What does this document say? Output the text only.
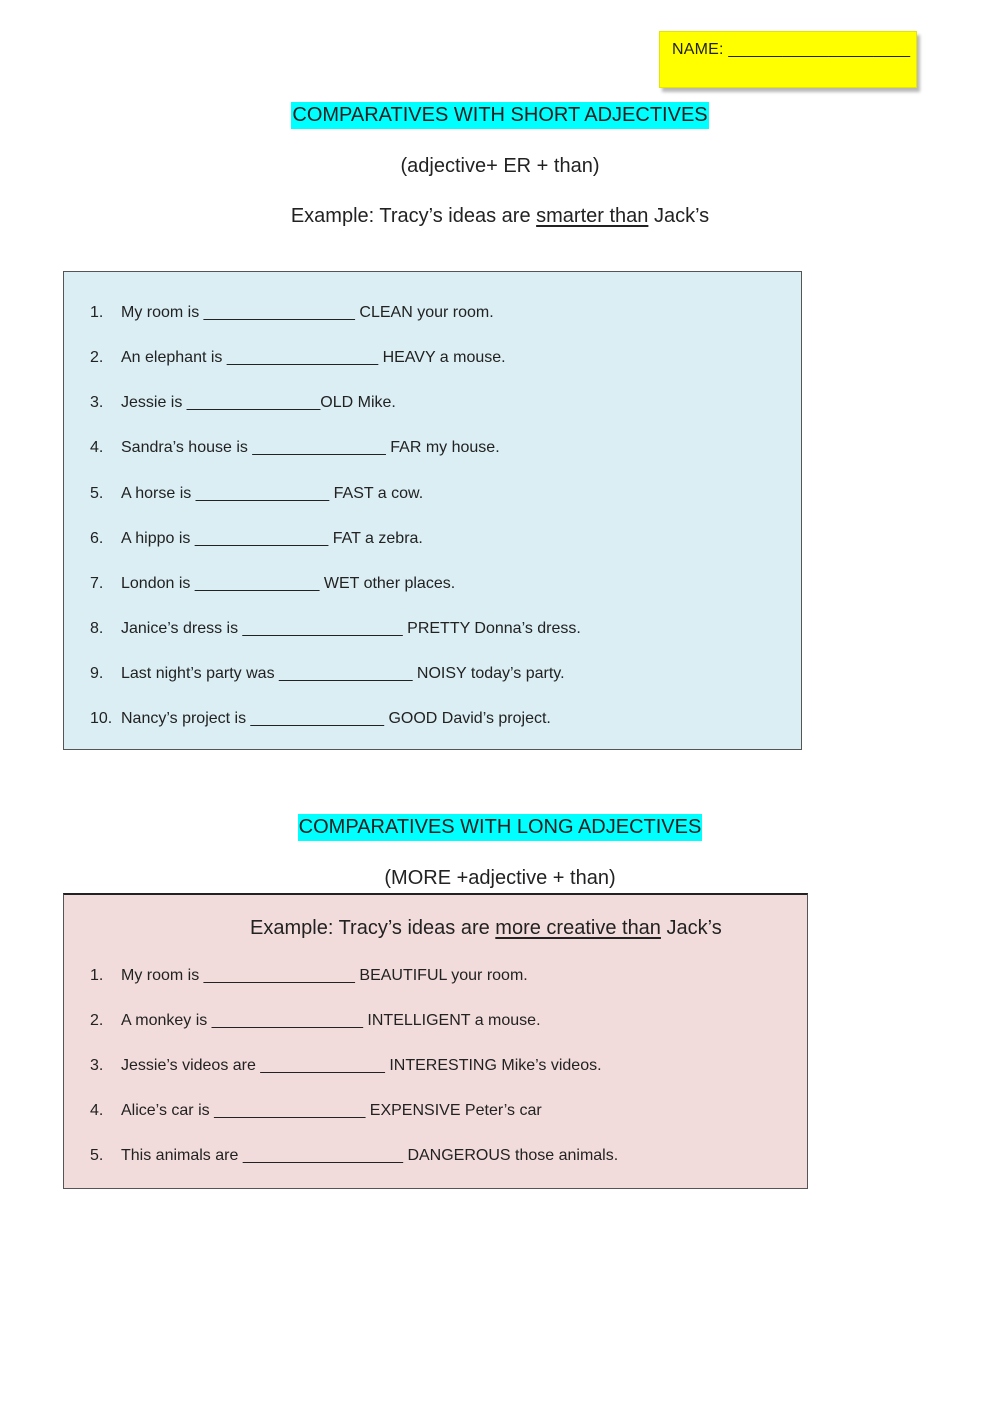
NAME: ____________________
COMPARATIVES WITH SHORT ADJECTIVES
(adjective+ ER + than)
Example: Tracy’s ideas are smarter than Jack’s
1. My room is _________________ CLEAN your room.
2. An elephant is _________________ HEAVY a mouse.
3. Jessie is _______________OLD Mike.
4. Sandra’s house is _______________ FAR my house.
5. A horse is _______________ FAST a cow.
6. A hippo is _______________ FAT a zebra.
7. London is ______________ WET other places.
8. Janice’s dress is __________________ PRETTY Donna’s dress.
9. Last night’s party was _______________ NOISY today’s party.
10. Nancy’s project is _______________ GOOD David’s project.
COMPARATIVES WITH LONG ADJECTIVES
(MORE +adjective + than)
Example: Tracy’s ideas are more creative than Jack’s
1. My room is _________________ BEAUTIFUL your room.
2. A monkey is _________________ INTELLIGENT a mouse.
3. Jessie’s videos are ______________ INTERESTING Mike’s videos.
4. Alice’s car is _________________ EXPENSIVE Peter’s car
5. This animals are __________________ DANGEROUS those animals.
